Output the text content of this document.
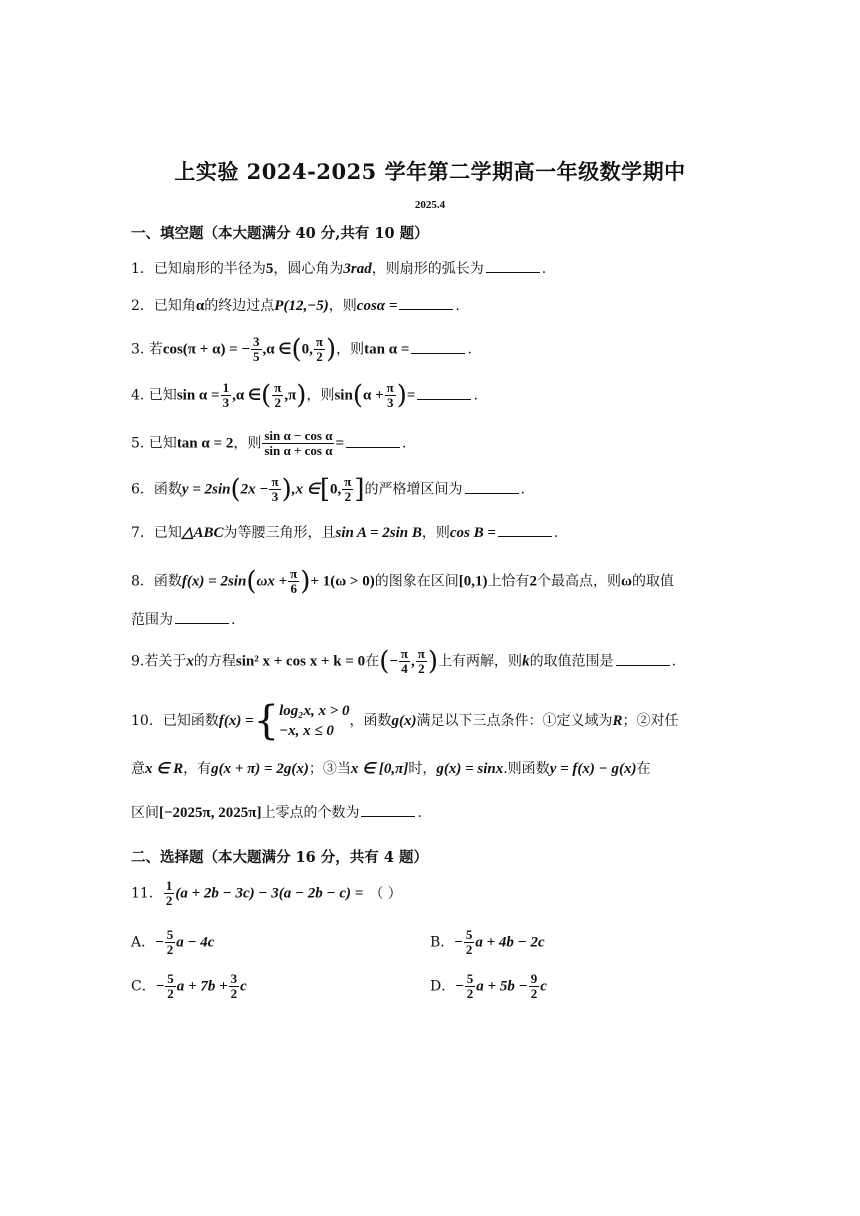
上实验 2024-2025 学年第二学期高一年级数学期中
2025.4
一、填空题（本大题满分 40 分,共有 10 题）
1．已知扇形的半径为5，圆心角为3rad，则扇形的弧长为	.
2．已知角α的终边过点P(12,−5)，则cosα =	.
3. 若cos(π + α) = − $\frac{3}{5} ,\alpha$ ∈(0, $\frac{\pi}{2}$ )，则tan α =	.
4. 已知$\sin \alpha = \frac{1}{3} ,\alpha$ ∈( $\frac{\pi}{2} ,\pi$)，则$\sin(\alpha + \frac{\pi}{3}$ )=	.
5. 已知tan α = 2，则 $\frac{\text{sin α − cos α}}{\text{sin α + cos α}}$ =	.
6．函数$y = 2\sin(2x - \frac{\pi}{3} ),x$ ∈[0, $\frac{\pi}{2}$ ]的严格增区间为	.
7．已知△ABC为等腰三角形，且sin A = 2sin B，则cos B =	.
8．函数$f(x) = 2\sin(\omega x + \frac{\pi}{6}$ )+ 1(ω > 0)的图象在区间[0,1)上恰有2个最高点，则ω的取值
范围为	.
9.若关于x的方程sin² x + cos x + k = 0在(− $\frac{\pi}{4}$ , $\frac{\pi}{2}$ )上有两解，则k的取值范围是	.
10．已知函数f(x) ={ log₂x, x > 0
−x, x ≤ 0
，函数g(x)满足以下三点条件：①定义域为R；②对任
意x ∈ R，有g(x + π) = 2g(x)；③当x ∈ [0,π]时，g(x) = sinx.则函数y = f(x) − g(x)在
区间[−2025π, 2025π]上零点的个数为	.
二、选择题（本大题满分 16 分，共有 4 题）
11． $\frac{1}{2} (a + 2b - 3c) - 3(a - 2b - c)$ = （ ）
A．− $\frac{5}{2}$ a − 4c	B．− $\frac{5}{2}$ a + 4b − 2c
C．− $\frac{5}{2}$ $a + 7b + \frac{3}{2}$ c	D．− $\frac{5}{2}$ $a + 5b - \frac{9}{2}$ c
